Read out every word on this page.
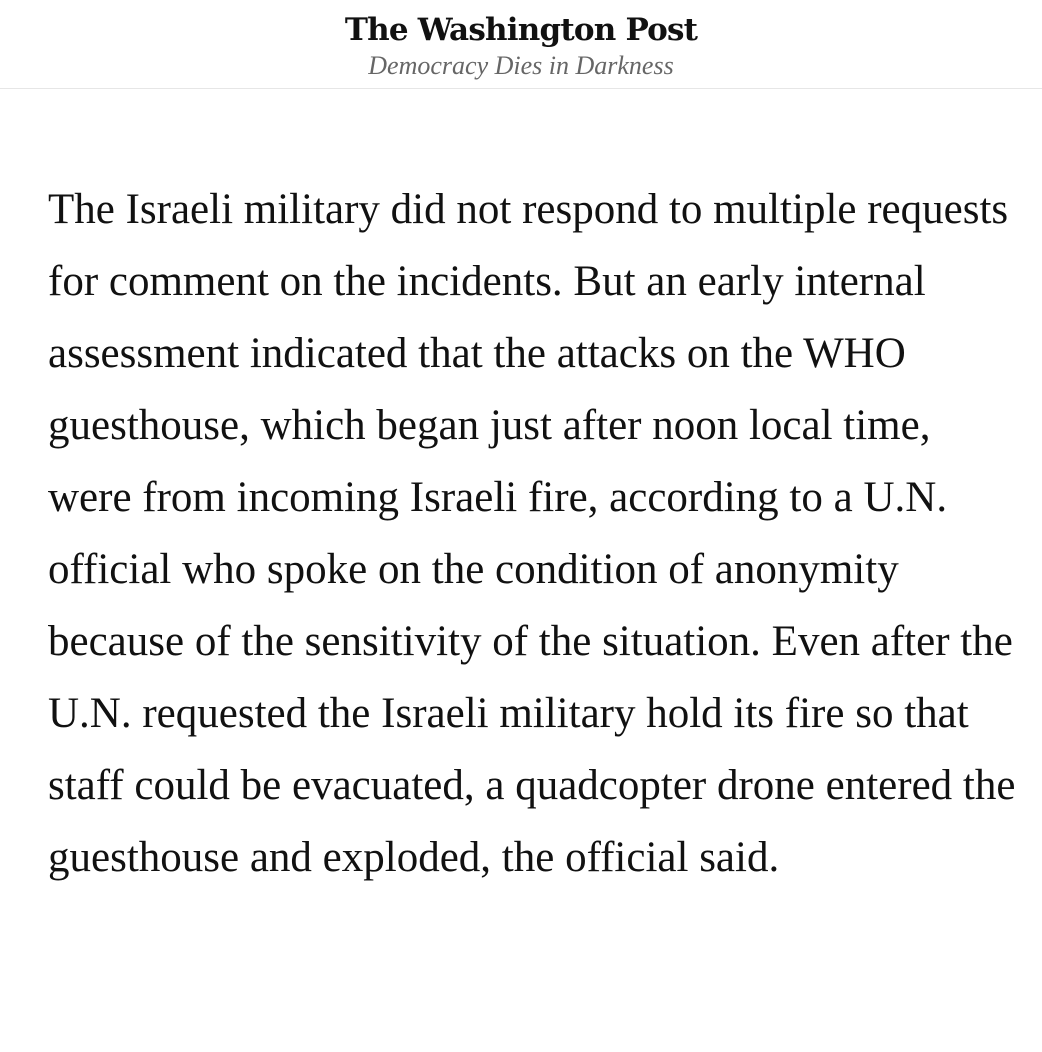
The Washington Post
Democracy Dies in Darkness

The Israeli military did not respond to multiple requests for comment on the incidents. But an early internal assessment indicated that the attacks on the WHO guesthouse, which began just after noon local time, were from incoming Israeli fire, according to a U.N. official who spoke on the condition of anonymity because of the sensitivity of the situation. Even after the U.N. requested the Israeli military hold its fire so that staff could be evacuated, a quadcopter drone entered the guesthouse and exploded, the official said.
